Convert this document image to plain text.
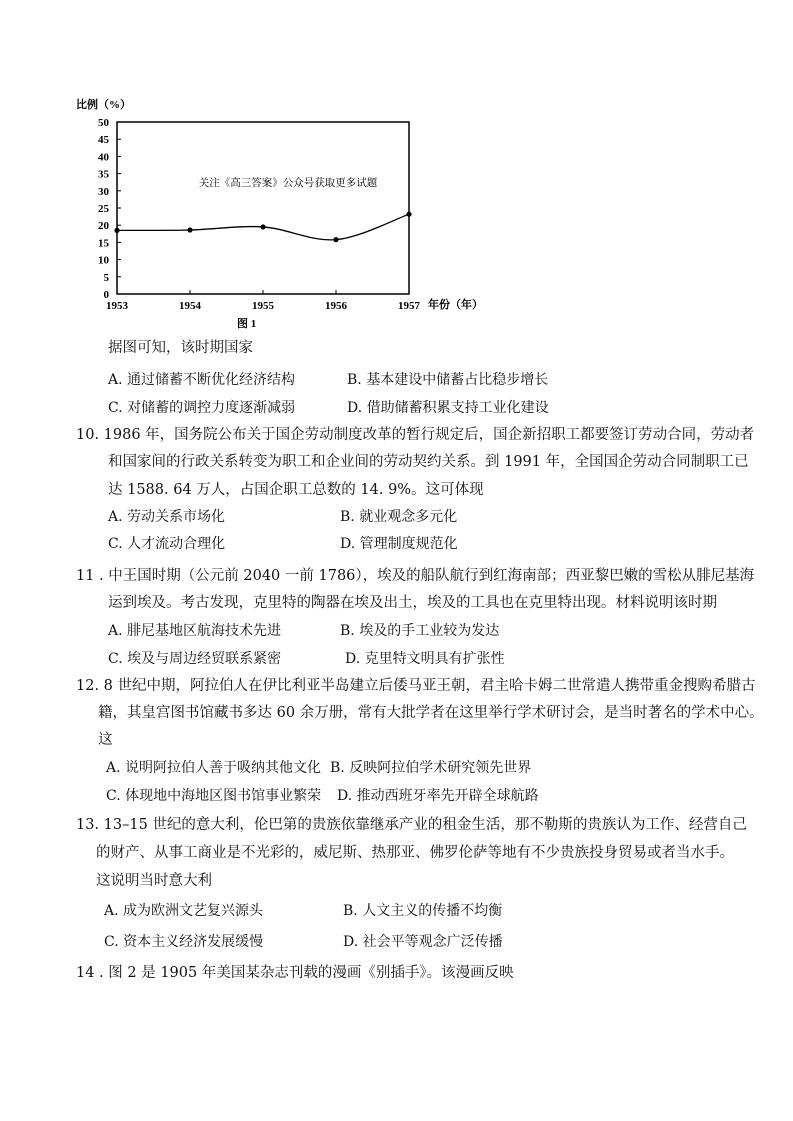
比例（%）
关注《高三答案》公众号获取更多试题
0
5
10
15
20
25
30
35
40
45
50
1953	1954	1955	1956	1957 年份（年）
图 1
据图可知，该时期国家
A. 通过储蓄不断优化经济结构	B. 基本建设中储蓄占比稳步增长
C. 对储蓄的调控力度逐渐减弱	D. 借助储蓄积累支持工业化建设
10. 1986 年，国务院公布关于国企劳动制度改革的暂行规定后，国企新招职工都要签订劳动合同，劳动者
和国家间的行政关系转变为职工和企业间的劳动契约关系。到 1991 年，全国国企劳动合同制职工已
达 1588. 64 万人，占国企职工总数的 14. 9%。这可体现
A. 劳动关系市场化	B. 就业观念多元化
C. 人才流动合理化	D. 管理制度规范化
11 . 中王国时期（公元前 2040 一前 1786），埃及的船队航行到红海南部；西亚黎巴嫩的雪松从腓尼基海
运到埃及。考古发现，克里特的陶器在埃及出土，埃及的工具也在克里特出现。材料说明该时期
A. 腓尼基地区航海技术先进	B. 埃及的手工业较为发达
C. 埃及与周边经贸联系紧密	D. 克里特文明具有扩张性
12. 8 世纪中期，阿拉伯人在伊比利亚半岛建立后倭马亚王朝，君主哈卡姆二世常遣人携带重金搜购希腊古
籍，其皇宫图书馆藏书多达 60 余万册，常有大批学者在这里举行学术研讨会，是当时著名的学术中心。
这
A. 说明阿拉伯人善于吸纳其他文化 B. 反映阿拉伯学术研究领先世界
C. 体现地中海地区图书馆事业繁荣 D. 推动西班牙率先开辟全球航路
13. 13–15 世纪的意大利，伦巴第的贵族依靠继承产业的租金生活，那不勒斯的贵族认为工作、经营自己
的财产、从事工商业是不光彩的，威尼斯、热那亚、佛罗伦萨等地有不少贵族投身贸易或者当水手。
这说明当时意大利
A. 成为欧洲文艺复兴源头	B. 人文主义的传播不均衡
C. 资本主义经济发展缓慢	D. 社会平等观念广泛传播
14 . 图 2 是 1905 年美国某杂志刊载的漫画《别插手》。该漫画反映
